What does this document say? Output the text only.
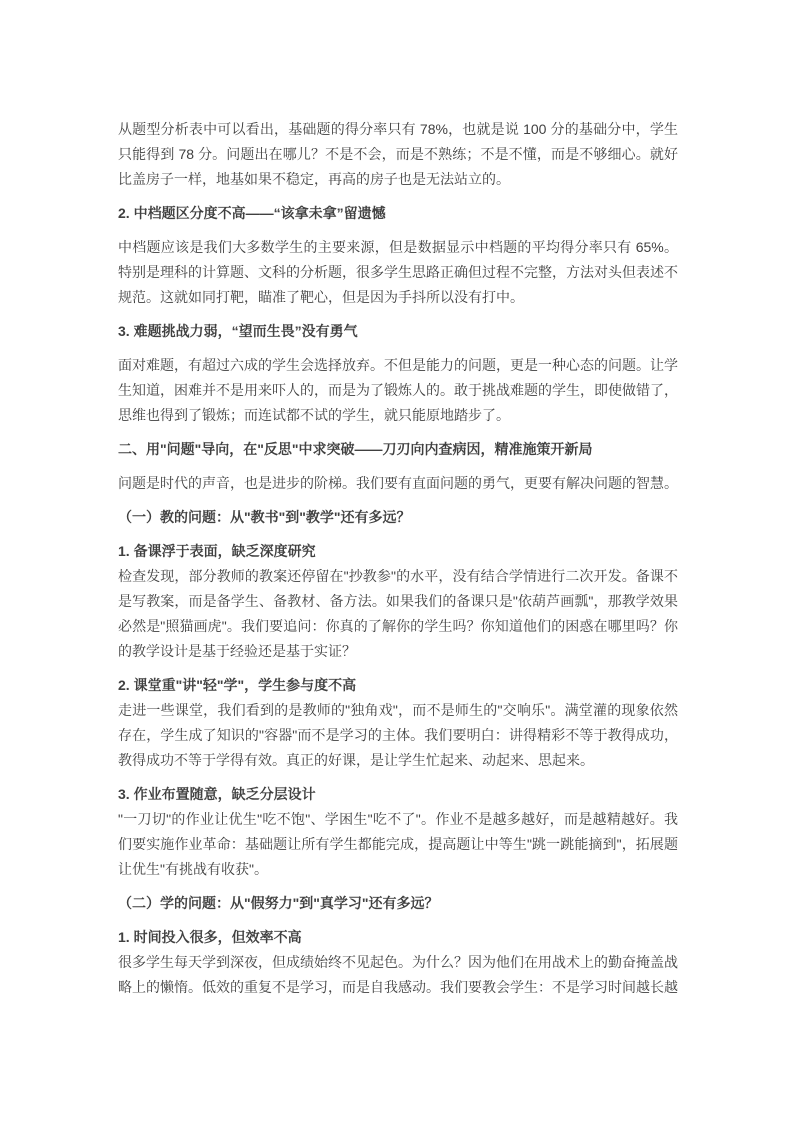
从题型分析表中可以看出，基础题的得分率只有 78%，也就是说 100 分的基础分中，学生只能得到 78 分。问题出在哪儿？不是不会，而是不熟练；不是不懂，而是不够细心。就好比盖房子一样，地基如果不稳定，再高的房子也是无法站立的。

2. 中档题区分度不高——“该拿未拿”留遗憾

中档题应该是我们大多数学生的主要来源，但是数据显示中档题的平均得分率只有 65%。特别是理科的计算题、文科的分析题，很多学生思路正确但过程不完整，方法对头但表述不规范。这就如同打靶，瞄准了靶心，但是因为手抖所以没有打中。

3. 难题挑战力弱，“望而生畏”没有勇气

面对难题，有超过六成的学生会选择放弃。不但是能力的问题，更是一种心态的问题。让学生知道，困难并不是用来吓人的，而是为了锻炼人的。敢于挑战难题的学生，即使做错了，思维也得到了锻炼；而连试都不试的学生，就只能原地踏步了。

二、用"问题"导向，在"反思"中求突破——刀刃向内查病因，精准施策开新局

问题是时代的声音，也是进步的阶梯。我们要有直面问题的勇气，更要有解决问题的智慧。

（一）教的问题：从"教书"到"教学"还有多远？

1. 备课浮于表面，缺乏深度研究

检查发现，部分教师的教案还停留在"抄教参"的水平，没有结合学情进行二次开发。备课不是写教案，而是备学生、备教材、备方法。如果我们的备课只是"依葫芦画瓢"，那教学效果必然是"照猫画虎"。我们要追问：你真的了解你的学生吗？你知道他们的困惑在哪里吗？你的教学设计是基于经验还是基于实证？

2. 课堂重"讲"轻"学"，学生参与度不高

走进一些课堂，我们看到的是教师的"独角戏"，而不是师生的"交响乐"。满堂灌的现象依然存在，学生成了知识的"容器"而不是学习的主体。我们要明白：讲得精彩不等于教得成功，教得成功不等于学得有效。真正的好课，是让学生忙起来、动起来、思起来。

3. 作业布置随意，缺乏分层设计

"一刀切"的作业让优生"吃不饱"、学困生"吃不了"。作业不是越多越好，而是越精越好。我们要实施作业革命：基础题让所有学生都能完成，提高题让中等生"跳一跳能摘到"，拓展题让优生"有挑战有收获"。

（二）学的问题：从"假努力"到"真学习"还有多远？

1. 时间投入很多，但效率不高

很多学生每天学到深夜，但成绩始终不见起色。为什么？因为他们在用战术上的勤奋掩盖战略上的懒惰。低效的重复不是学习，而是自我感动。我们要教会学生：不是学习时间越长越
